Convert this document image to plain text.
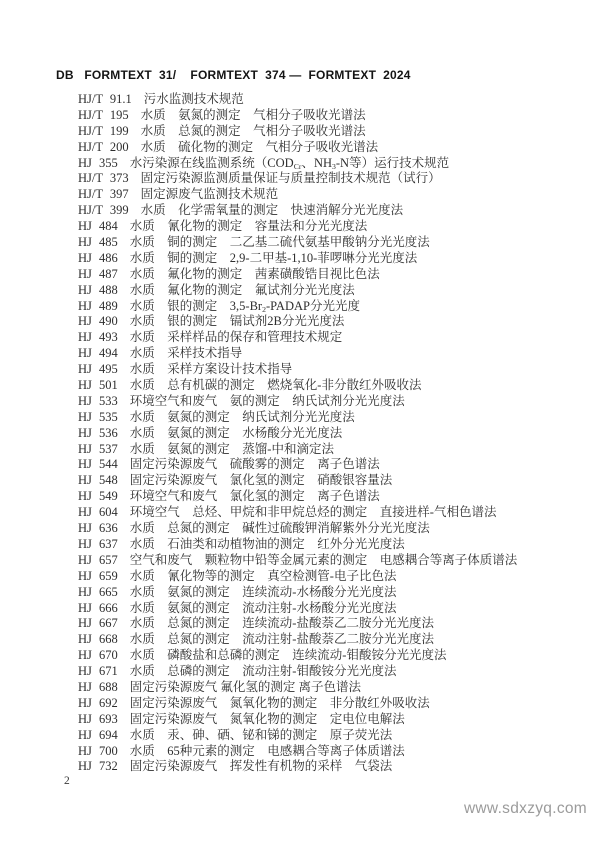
DB   FORMTEXT  31/    FORMTEXT  374 —  FORMTEXT  2024
HJ/T 91.1 污水监测技术规范
HJ/T 195 水质　氨氮的测定　气相分子吸收光谱法
HJ/T 199 水质　总氮的测定　气相分子吸收光谱法
HJ/T 200 水质　硫化物的测定　气相分子吸收光谱法
HJ 355 水污染源在线监测系统（$COD_{Cr}$、$NH_3-N$等）运行技术规范
HJ/T 373 固定污染源监测质量保证与质量控制技术规范（试行）
HJ/T 397 固定源废气监测技术规范
HJ/T 399 水质　化学需氧量的测定　快速消解分光光度法
HJ 484 水质　氰化物的测定　容量法和分光光度法
HJ 485 水质　铜的测定　二乙基二硫代氨基甲酸钠分光光度法
HJ 486 水质　铜的测定　2,9-二甲基-1,10-菲啰啉分光光度法
HJ 487 水质　氟化物的测定　茜素磺酸锆目视比色法
HJ 488 水质　氟化物的测定　氟试剂分光光度法
HJ 489 水质　银的测定　$3,5-Br_2$-PADAP分光光度
HJ 490 水质　银的测定　镉试剂2B分光光度法
HJ 493 水质　采样样品的保存和管理技术规定
HJ 494 水质　采样技术指导
HJ 495 水质　采样方案设计技术指导
HJ 501 水质　总有机碳的测定　燃烧氧化-非分散红外吸收法
HJ 533 环境空气和废气　氨的测定　纳氏试剂分光光度法
HJ 535 水质　氨氮的测定　纳氏试剂分光光度法
HJ 536 水质　氨氮的测定　水杨酸分光光度法
HJ 537 水质　氨氮的测定　蒸馏-中和滴定法
HJ 544 固定污染源废气　硫酸雾的测定　离子色谱法
HJ 548 固定污染源废气　氯化氢的测定　硝酸银容量法
HJ 549 环境空气和废气　氯化氢的测定　离子色谱法
HJ 604 环境空气　总烃、甲烷和非甲烷总烃的测定　直接进样-气相色谱法
HJ 636 水质　总氮的测定　碱性过硫酸钾消解紫外分光光度法
HJ 637 水质　石油类和动植物油的测定　红外分光光度法
HJ 657 空气和废气　颗粒物中铅等金属元素的测定　电感耦合等离子体质谱法
HJ 659 水质　氰化物等的测定　真空检测管-电子比色法
HJ 665 水质　氨氮的测定　连续流动-水杨酸分光光度法
HJ 666 水质　氨氮的测定　流动注射-水杨酸分光光度法
HJ 667 水质　总氮的测定　连续流动-盐酸萘乙二胺分光光度法
HJ 668 水质　总氮的测定　流动注射-盐酸萘乙二胺分光光度法
HJ 670 水质　磷酸盐和总磷的测定　连续流动-钼酸铵分光光度法
HJ 671 水质　总磷的测定　流动注射-钼酸铵分光光度法
HJ 688 固定污染源废气 氟化氢的测定 离子色谱法
HJ 692 固定污染源废气　氮氧化物的测定　非分散红外吸收法
HJ 693 固定污染源废气　氮氧化物的测定　定电位电解法
HJ 694 水质　汞、砷、硒、铋和锑的测定　原子荧光法
HJ 700 水质　65种元素的测定　电感耦合等离子体质谱法
HJ 732 固定污染源废气　挥发性有机物的采样　气袋法
2
www.sdxzyq.com
